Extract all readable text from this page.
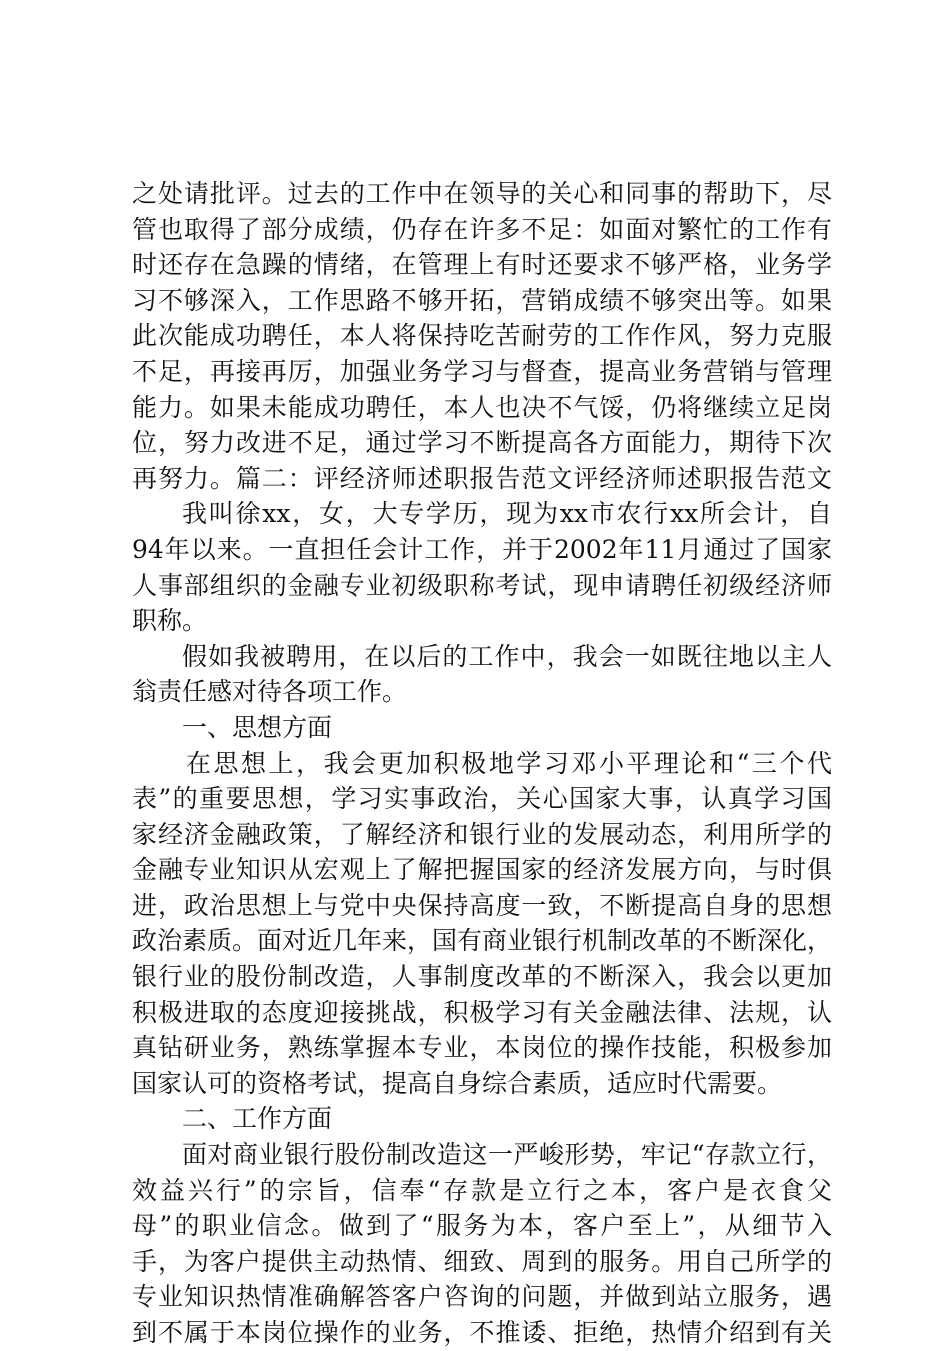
之处请批评。过去的工作中在领导的关心和同事的帮助下，尽
管也取得了部分成绩，仍存在许多不足：如面对繁忙的工作有
时还存在急躁的情绪，在管理上有时还要求不够严格，业务学
习不够深入，工作思路不够开拓，营销成绩不够突出等。如果
此次能成功聘任，本人将保持吃苦耐劳的工作作风，努力克服
不足，再接再厉，加强业务学习与督查，提高业务营销与管理
能力。如果未能成功聘任，本人也决不气馁，仍将继续立足岗
位，努力改进不足，通过学习不断提高各方面能力，期待下次
再努力。篇二：评经济师述职报告范文评经济师述职报告范文
我叫徐xx，女，大专学历，现为xx市农行xx所会计，自
94年以来。一直担任会计工作，并于2002年11月通过了国家
人事部组织的金融专业初级职称考试，现申请聘任初级经济师
职称。
假如我被聘用，在以后的工作中，我会一如既往地以主人
翁责任感对待各项工作。
一、思想方面
在思想上，我会更加积极地学习邓小平理论和“三个代
表”的重要思想，学习实事政治，关心国家大事，认真学习国
家经济金融政策，了解经济和银行业的发展动态，利用所学的
金融专业知识从宏观上了解把握国家的经济发展方向，与时俱
进，政治思想上与党中央保持高度一致，不断提高自身的思想
政治素质。面对近几年来，国有商业银行机制改革的不断深化，
银行业的股份制改造，人事制度改革的不断深入，我会以更加
积极进取的态度迎接挑战，积极学习有关金融法律、法规，认
真钻研业务，熟练掌握本专业，本岗位的操作技能，积极参加
国家认可的资格考试，提高自身综合素质，适应时代需要。
二、工作方面
面对商业银行股份制改造这一严峻形势，牢记“存款立行，
效益兴行”的宗旨，信奉“存款是立行之本，客户是衣食父
母”的职业信念。做到了“服务为本，客户至上”，从细节入
手，为客户提供主动热情、细致、周到的服务。用自己所学的
专业知识热情准确解答客户咨询的问题，并做到站立服务，遇
到不属于本岗位操作的业务，不推诿、拒绝，热情介绍到有关
